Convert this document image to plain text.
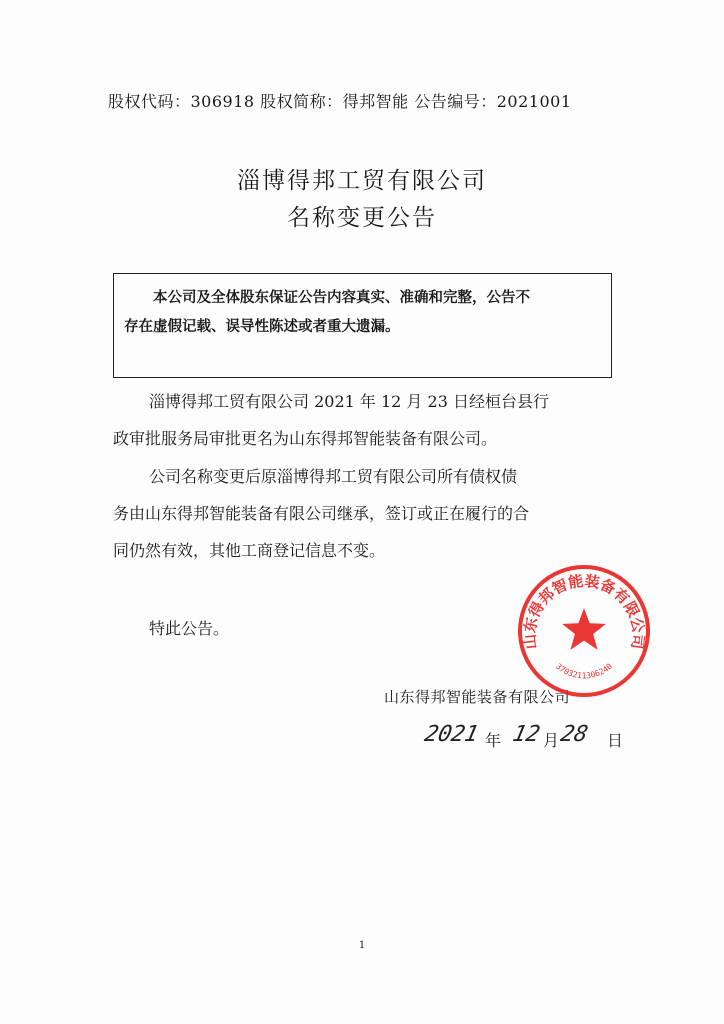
股权代码：306918 股权简称：得邦智能 公告编号：2021001
淄博得邦工贸有限公司
名称变更公告
本公司及全体股东保证公告内容真实、准确和完整，公告不
存在虚假记载、误导性陈述或者重大遗漏。
淄博得邦工贸有限公司 2021 年 12 月 23 日经桓台县行
政审批服务局审批更名为山东得邦智能装备有限公司。
公司名称变更后原淄博得邦工贸有限公司所有债权债
务由山东得邦智能装备有限公司继承，签订或正在履行的合
同仍然有效，其他工商登记信息不变。
特此公告。
山东得邦智能装备有限公司
2021 年 12 月 28 日
山东得邦智能装备有限公司
3703211306240
1
